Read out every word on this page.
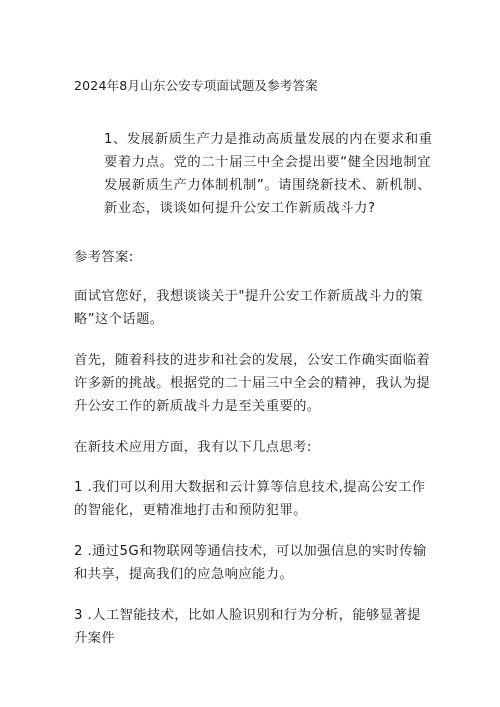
2024年8月山东公安专项面试题及参考答案
1、发展新质生产力是推动高质量发展的内在要求和重要着力点。党的二十届三中全会提出要“健全因地制宜发展新质生产力体制机制”。请围绕新技术、新机制、新业态，谈谈如何提升公安工作新质战斗力?
参考答案:
面试官您好，我想谈谈关于"提升公安工作新质战斗力的策略”这个话题。
首先，随着科技的进步和社会的发展，公安工作确实面临着许多新的挑战。根据党的二十届三中全会的精神，我认为提升公安工作的新质战斗力是至关重要的。
在新技术应用方面，我有以下几点思考:
1 .我们可以利用大数据和云计算等信息技术,提高公安工作的智能化，更精准地打击和预防犯罪。
2 .通过5G和物联网等通信技术，可以加强信息的实时传输和共享，提高我们的应急响应能力。
3 .人工智能技术，比如人脸识别和行为分析，能够显著提升案件
